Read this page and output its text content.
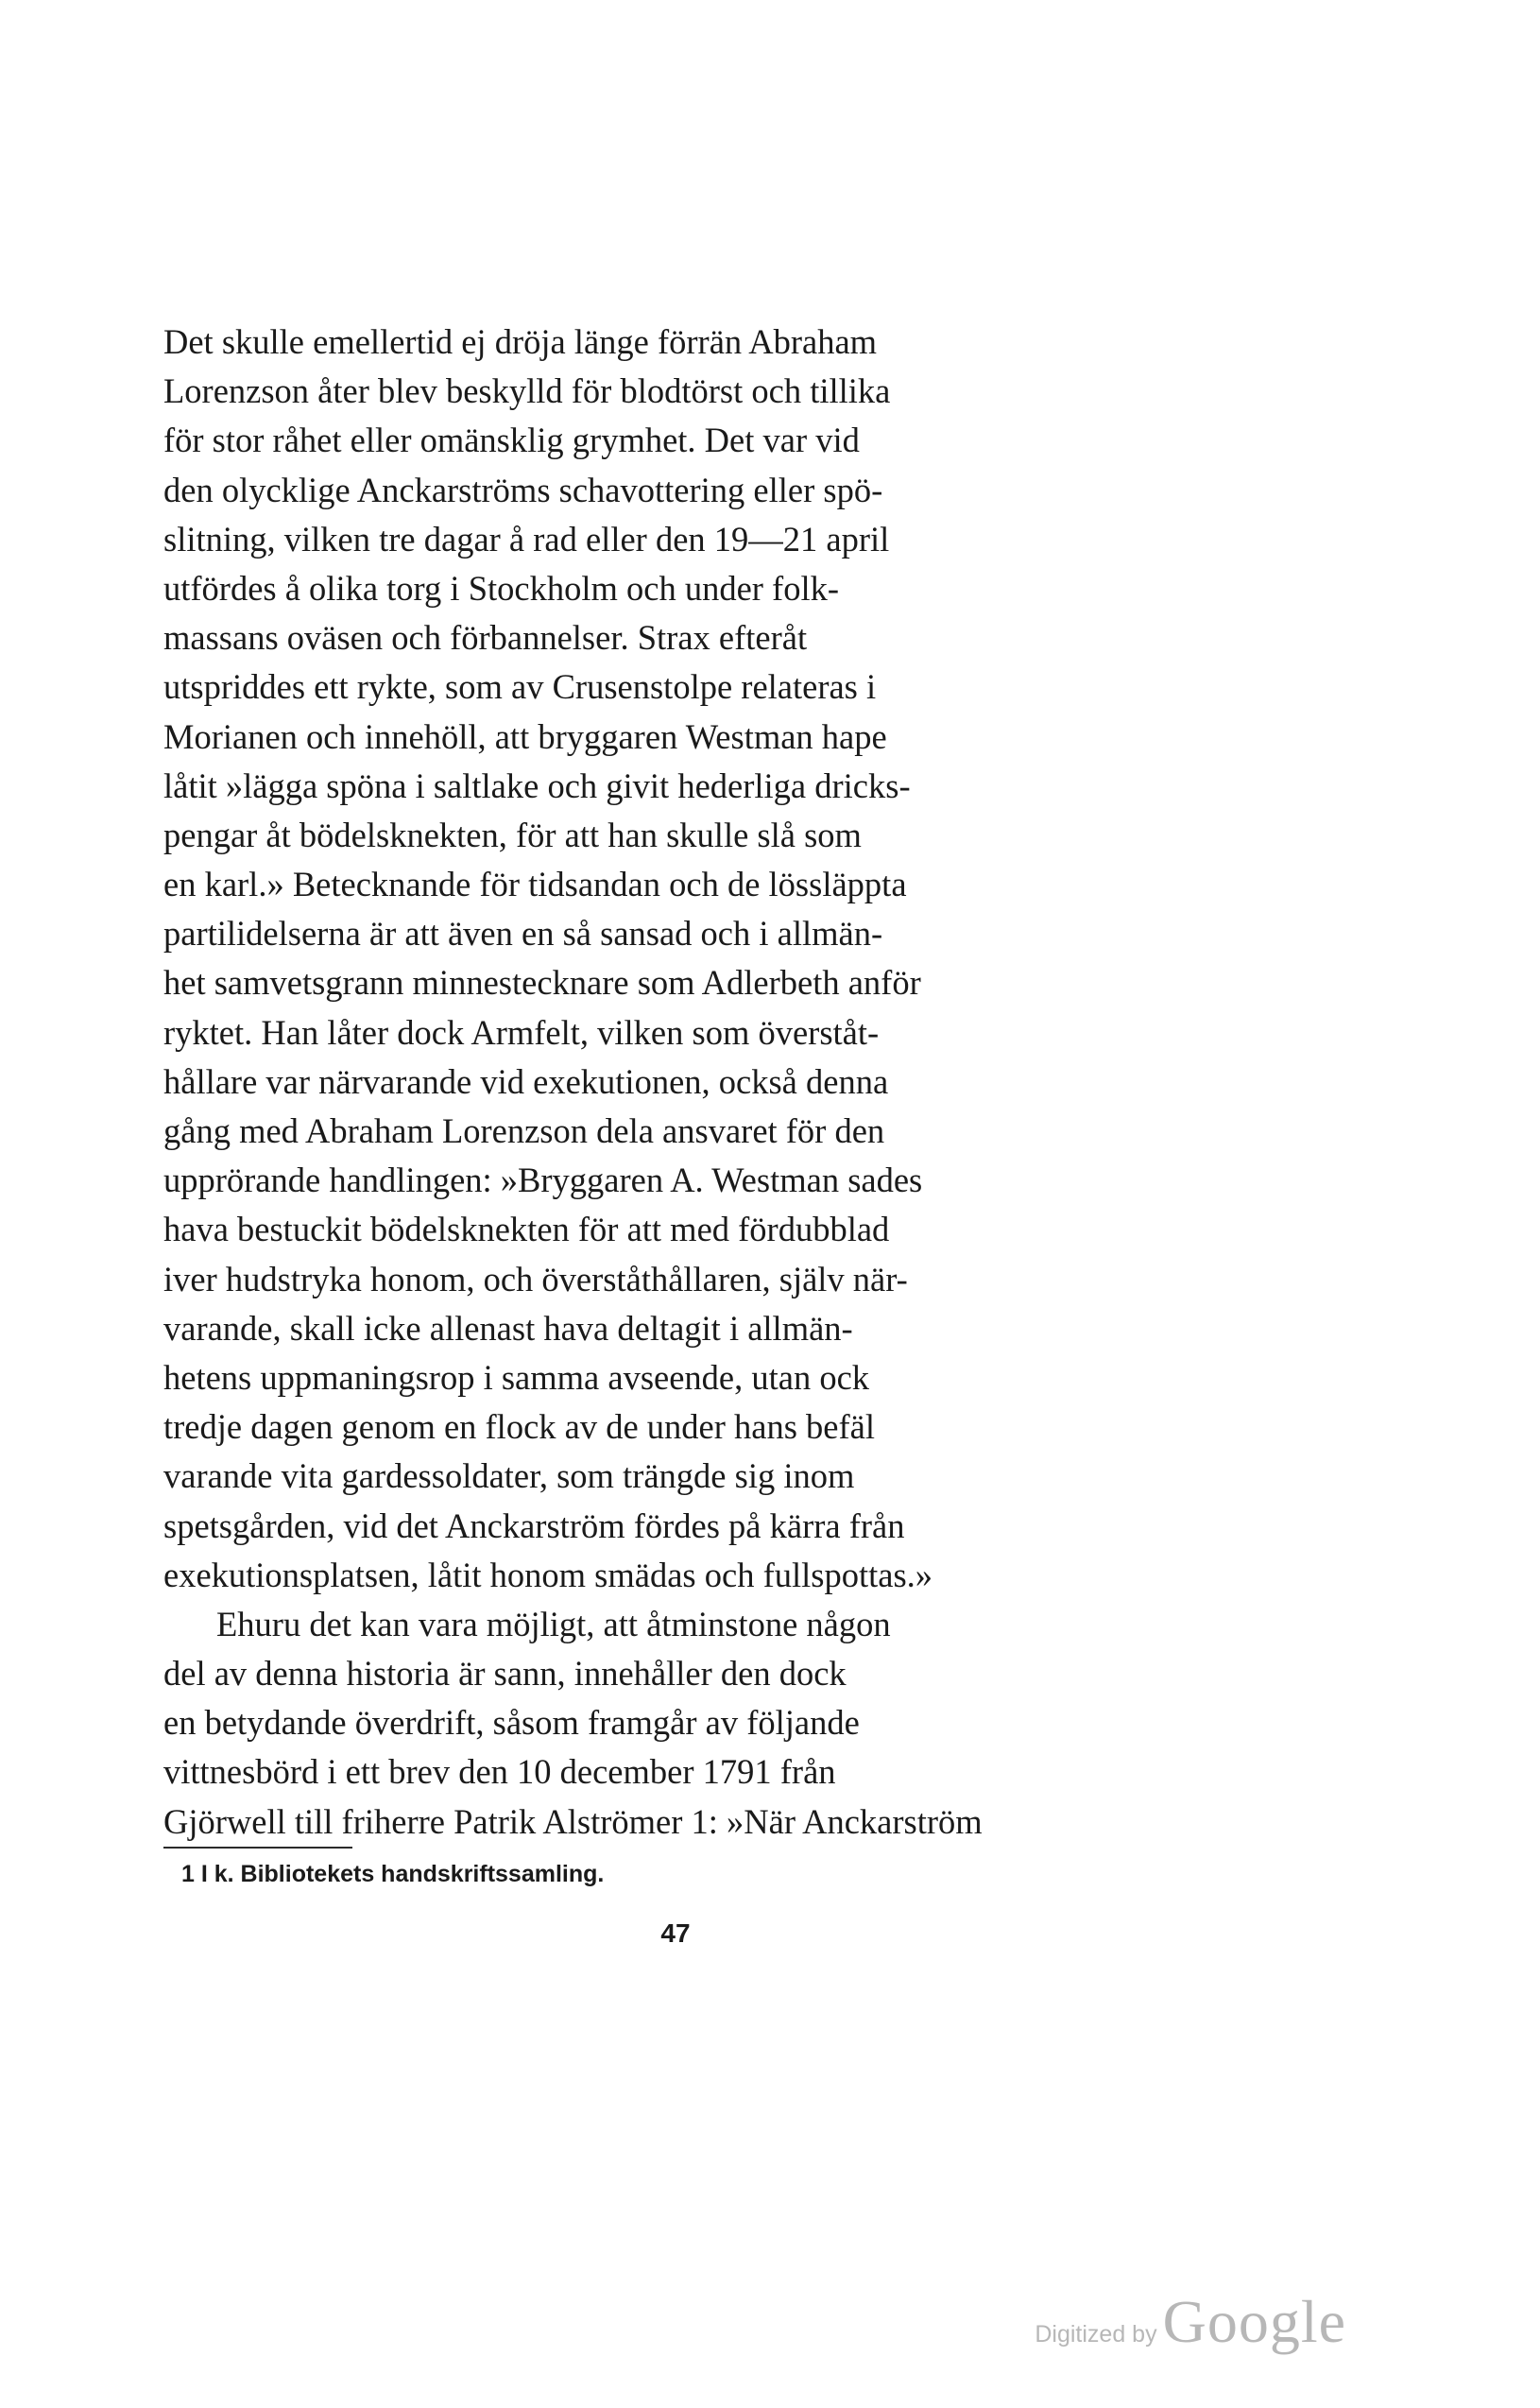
Det skulle emellertid ej dröja länge förrän Abraham
Lorenzson åter blev beskylld för blodtörst och tillika
för stor råhet eller omänsklig grymhet. Det var vid
den olycklige Anckarströms schavottering eller spö-
slitning, vilken tre dagar å rad eller den 19—21 april
utfördes å olika torg i Stockholm och under folk-
massans oväsen och förbannelser. Strax efteråt
utspriddes ett rykte, som av Crusenstolpe relateras i
Morianen och innehöll, att bryggaren Westman hape
låtit »lägga spöna i saltlake och givit hederliga dricks-
pengar åt bödelsknekten, för att han skulle slå som
en karl.» Betecknande för tidsandan och de lössläppta
partilidelserna är att även en så sansad och i allmän-
het samvetsgrann minnestecknare som Adlerbeth anför
ryktet. Han låter dock Armfelt, vilken som överståt-
hållare var närvarande vid exekutionen, också denna
gång med Abraham Lorenzson dela ansvaret för den
upprörande handlingen: »Bryggaren A. Westman sades
hava bestuckit bödelsknekten för att med fördubblad
iver hudstryka honom, och överståthållaren, själv när-
varande, skall icke allenast hava deltagit i allmän-
hetens uppmaningsrop i samma avseende, utan ock
tredje dagen genom en flock av de under hans befäl
varande vita gardessoldater, som trängde sig inom
spetsgården, vid det Anckarström fördes på kärra från
exekutionsplatsen, låtit honom smädas och fullspottas.»
Ehuru det kan vara möjligt, att åtminstone någon
del av denna historia är sann, innehåller den dock
en betydande överdrift, såsom framgår av följande
vittnesbörd i ett brev den 10 december 1791 från
Gjörwell till friherre Patrik Alströmer 1: »När Anckarström
1 I k. Bibliotekets handskriftssamling.
47
Digitized by Google
